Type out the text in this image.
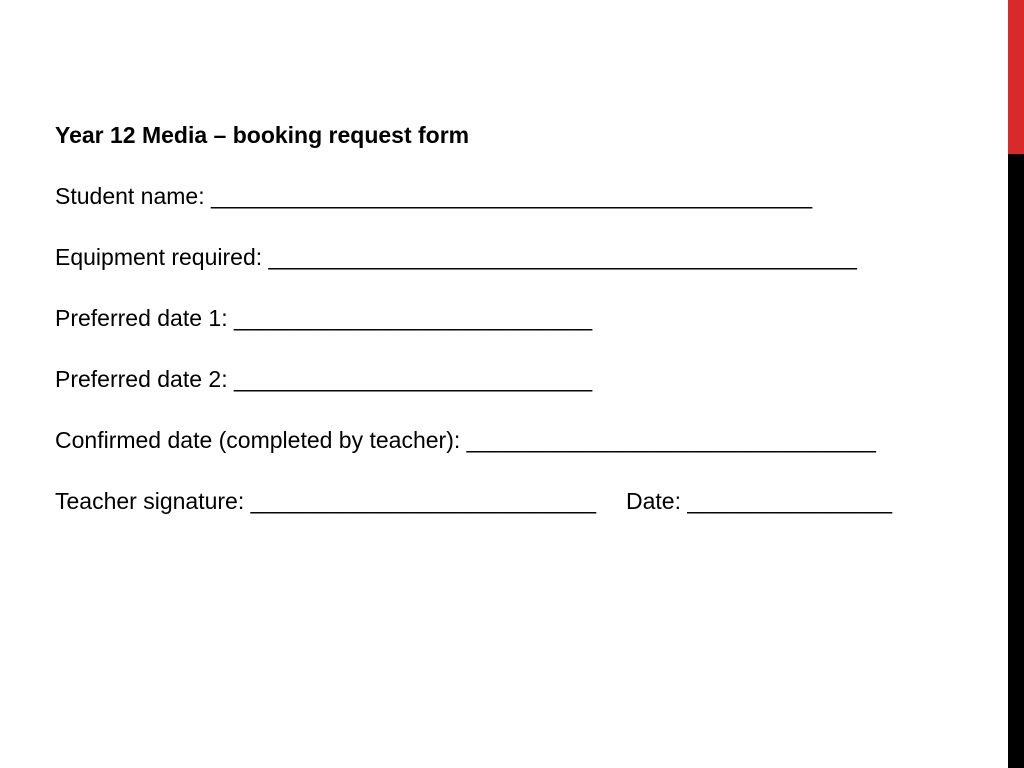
Year 12 Media – booking request form

Student name: _______________________________________________

Equipment required: ______________________________________________

Preferred date 1: ____________________________

Preferred date 2: ____________________________

Confirmed date (completed by teacher): ________________________________

Teacher signature: ___________________________ Date: ________________
